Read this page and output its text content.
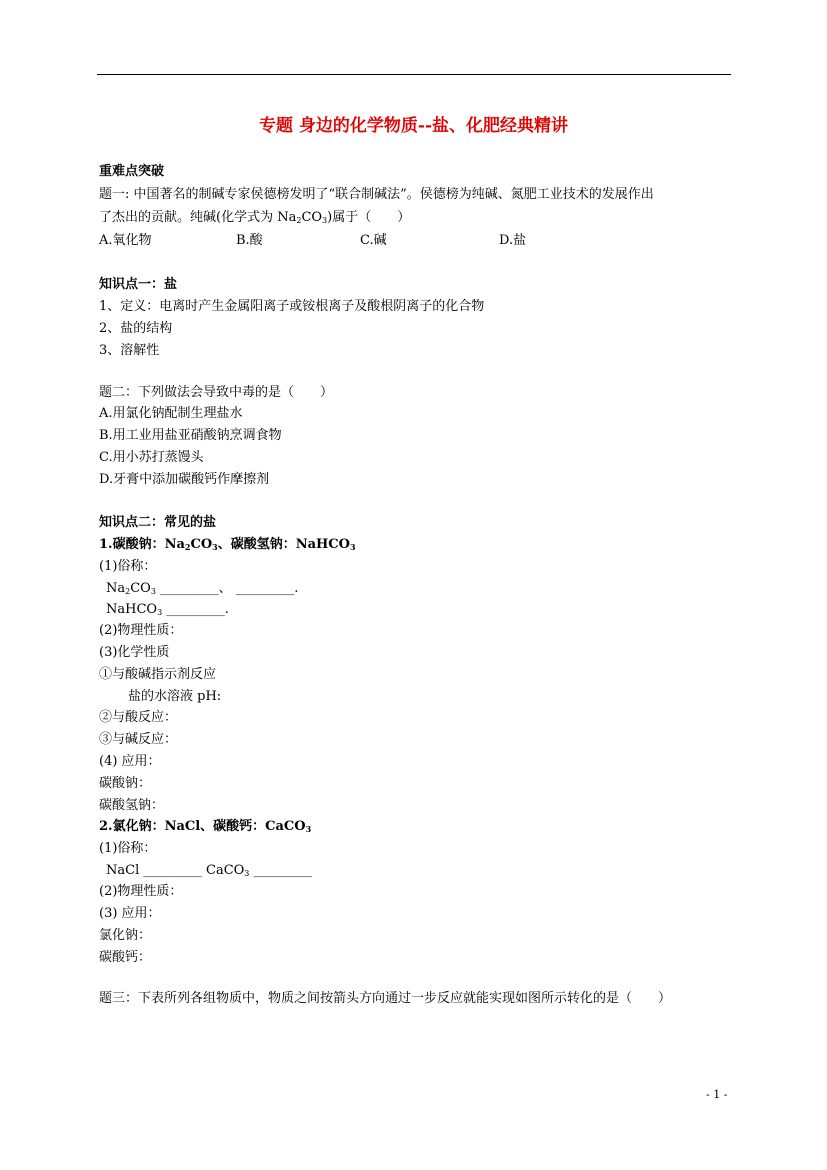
专题 身边的化学物质--盐、化肥经典精讲
重难点突破
题一: 中国著名的制碱专家侯德榜发明了“联合制碱法”。侯德榜为纯碱、氮肥工业技术的发展作出
了杰出的贡献。纯碱(化学式为 $Na_2CO_3$)属于（　　）
A.氧化物	B.酸	C.碱	D.盐
知识点一：盐
1、定义：电离时产生金属阳离子或铵根离子及酸根阴离子的化合物
2、盐的结构
3、溶解性
题二：下列做法会导致中毒的是（　　）
A.用氯化钠配制生理盐水
B.用工业用盐亚硝酸钠烹调食物
C.用小苏打蒸馒头
D.牙膏中添加碳酸钙作摩擦剂
知识点二：常见的盐
1.碳酸钠：$Na_2CO_3$、碳酸氢钠：NaHCO$_3$
(1)俗称：
$Na_2CO_3$ _________、 _________.
NaHCO$_3$ _________.
(2)物理性质：
(3)化学性质
①与酸碱指示剂反应
盐的水溶液 pH:
②与酸反应：
③与碱反应：
(4) 应用：
碳酸钠：
碳酸氢钠：
2.氯化钠：NaCl、碳酸钙：CaCO$_3$
(1)俗称：
NaCl _________ CaCO$_3$ _________
(2)物理性质：
(3) 应用：
氯化钠：
碳酸钙：
题三：下表所列各组物质中，物质之间按箭头方向通过一步反应就能实现如图所示转化的是（　　）
- 1 -
